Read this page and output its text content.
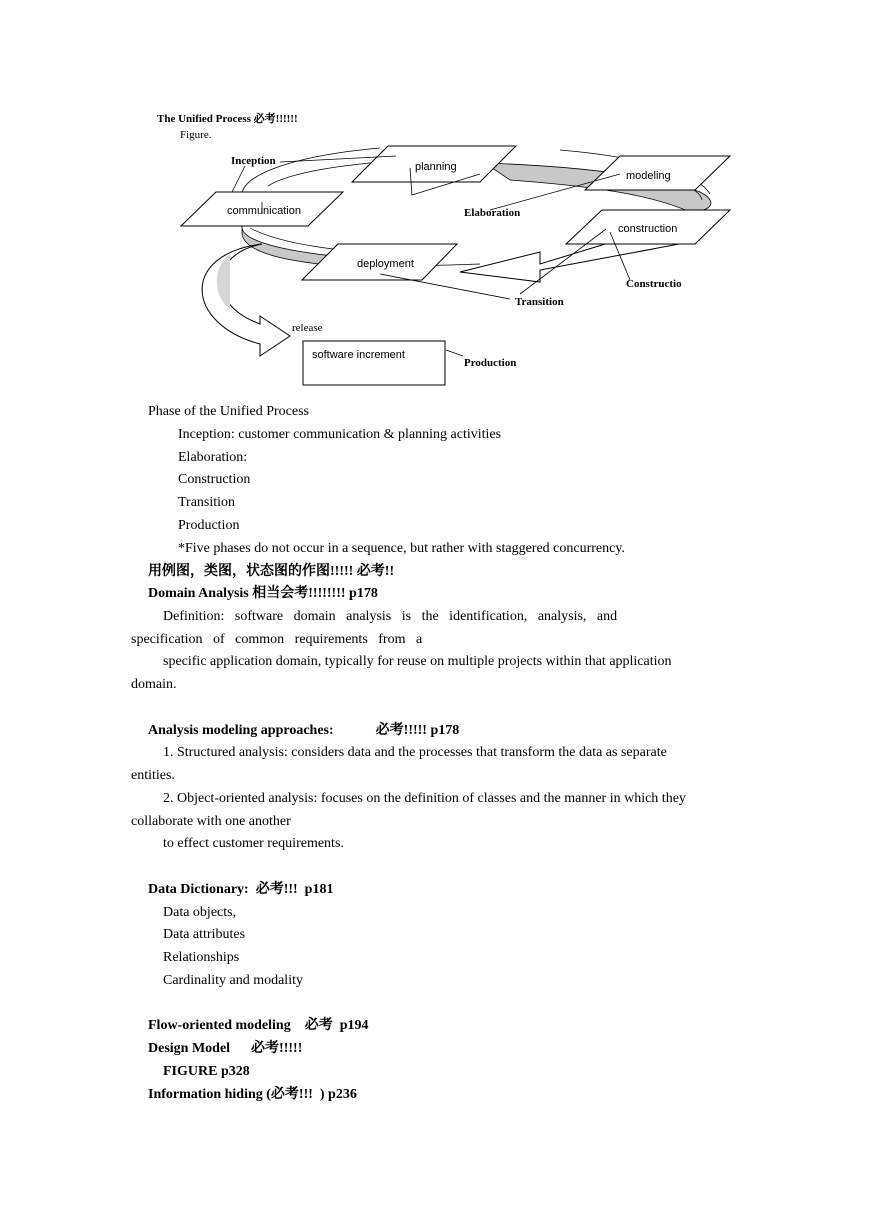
The Unified Process 必考!!!!!!
Figure.
Inception
Elaboration
Constructio
Transition
Production
planning
modeling
communication
construction
deployment
software increment
release
Phase of the Unified Process
Inception: customer communication & planning activities
Elaboration:
Construction
Transition
Production
*Five phases do not occur in a sequence, but rather with staggered concurrency.
用例图，类图，状态图的作图!!!!! 必考!!
Domain Analysis 相当会考!!!!!!!! p178
Definition:   software   domain   analysis   is   the   identification,   analysis,   and
specification   of   common   requirements   from   a
specific application domain, typically for reuse on multiple projects within that application
domain.
Analysis modeling approaches:            必考!!!!! p178
1. Structured analysis: considers data and the processes that transform the data as separate
entities.
2. Object-oriented analysis: focuses on the definition of classes and the manner in which they
collaborate with one another
to effect customer requirements.
Data Dictionary:  必考!!!  p181
Data objects,
Data attributes
Relationships
Cardinality and modality
Flow-oriented modeling    必考  p194
Design Model      必考!!!!!
FIGURE p328
Information hiding (必考!!!  ) p236
